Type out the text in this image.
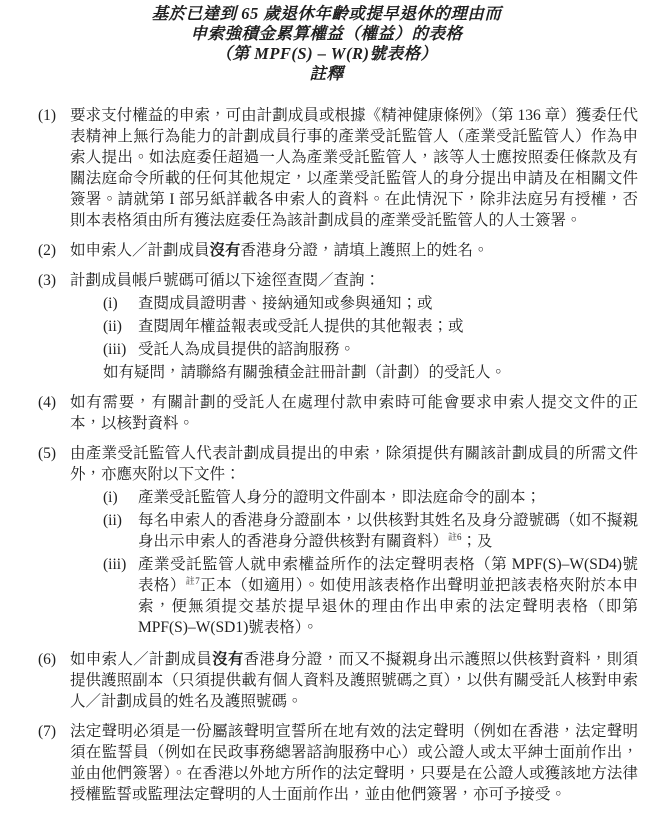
基於已達到 65 歲退休年齡或提早退休的理由而
申索強積金累算權益（權益）的表格
（第 MPF(S) – W(R)號表格）
註釋
(1) 要求支付權益的申索，可由計劃成員或根據《精神健康條例》（第 136 章）獲委任代表精神上無行為能力的計劃成員行事的產業受託監管人（產業受託監管人）作為申索人提出。如法庭委任超過一人為產業受託監管人，該等人士應按照委任條款及有關法庭命令所載的任何其他規定，以產業受託監管人的身分提出申請及在相關文件簽署。請就第 I 部另紙詳載各申索人的資料。在此情況下，除非法庭另有授權，否則本表格須由所有獲法庭委任為該計劃成員的產業受託監管人的人士簽署。
(2) 如申索人／計劃成員沒有香港身分證，請填上護照上的姓名。
(3) 計劃成員帳戶號碼可循以下途徑查閱／查詢：
(i)	查閱成員證明書、接納通知或參與通知；或
(ii)	查閱周年權益報表或受託人提供的其他報表；或
(iii) 受託人為成員提供的諮詢服務。
如有疑問，請聯絡有關強積金註冊計劃（計劃）的受託人。
(4) 如有需要，有關計劃的受託人在處理付款申索時可能會要求申索人提交文件的正本，以核對資料。
(5) 由產業受託監管人代表計劃成員提出的申索，除須提供有關該計劃成員的所需文件外，亦應夾附以下文件：
(i)	產業受託監管人身分的證明文件副本，即法庭命令的副本；
(ii)	每名申索人的香港身分證副本，以供核對其姓名及身分證號碼（如不擬親身出示申索人的香港身分證供核對有關資料）$^{註6}$；及
(iii) 產業受託監管人就申索權益所作的法定聲明表格（第 MPF(S)–W(SD4)號表格）$^{註7}$正本（如適用）。如使用該表格作出聲明並把該表格夾附於本申索，便無須提交基於提早退休的理由作出申索的法定聲明表格（即第 MPF(S)–W(SD1)號表格）。
(6) 如申索人／計劃成員沒有香港身分證，而又不擬親身出示護照以供核對資料，則須提供護照副本（只須提供載有個人資料及護照號碼之頁），以供有關受託人核對申索人／計劃成員的姓名及護照號碼。
(7) 法定聲明必須是一份屬該聲明宣誓所在地有效的法定聲明（例如在香港，法定聲明須在監誓員（例如在民政事務總署諮詢服務中心）或公證人或太平紳士面前作出，並由他們簽署）。在香港以外地方所作的法定聲明，只要是在公證人或獲該地方法律授權監誓或監理法定聲明的人士面前作出，並由他們簽署，亦可予接受。
